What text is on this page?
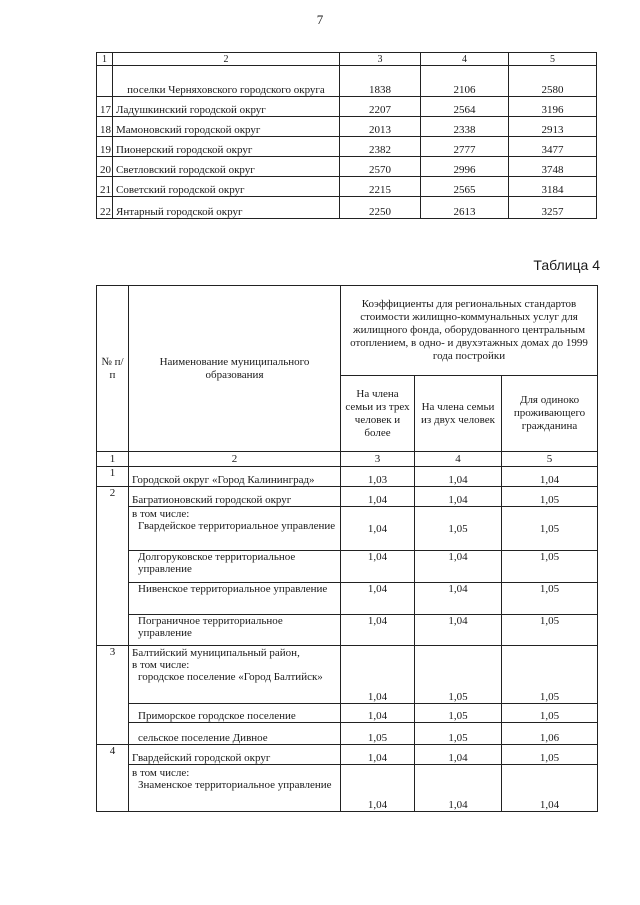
7
1	2	3	4	5
	поселки Черняховского городского округа	1838	2106	2580
17	Ладушкинский городской округ	2207	2564	3196
18	Мамоновский городской округ	2013	2338	2913
19	Пионерский городской округ	2382	2777	3477
20	Светловский городской округ	2570	2996	3748
21	Советский городской округ	2215	2565	3184
22	Янтарный городской округ	2250	2613	3257
Таблица 4
№ п/п	Наименование муниципального образования	Коэффициенты для региональных стандартов стоимости жилищно-коммунальных услуг для жилищного фонда, оборудованного центральным отоплением, в одно- и двухэтажных домах до 1999 года постройки		
		На члена семьи из трех человек и более	На члена семьи из двух человек	Для одиноко проживающего гражданина
1	2	3	4	5
1	Городской округ «Город Калининград»	1,03	1,04	1,04
2	Багратионовский городской округ	1,04	1,04	1,05

	в том числе:
Гвардейское территориальное управление	1,04	1,05	1,05
	Долгоруковское территориальное управление	1,04	1,04	1,05
	Нивенское территориальное управление	1,04	1,04	1,05
	Пограничное территориальное управление	1,04	1,04	1,05
3	Балтийский муниципальный район,
в том числе:
городское поселение «Город Балтийск»	1,04	1,05	1,05
	Приморское городское поселение	1,04	1,05	1,05
	сельское поселение Дивное	1,05	1,05	1,06
4	Гвардейский городской округ	1,04	1,04	1,05

	в том числе:
Знаменское территориальное управление	1,04	1,04	1,04
